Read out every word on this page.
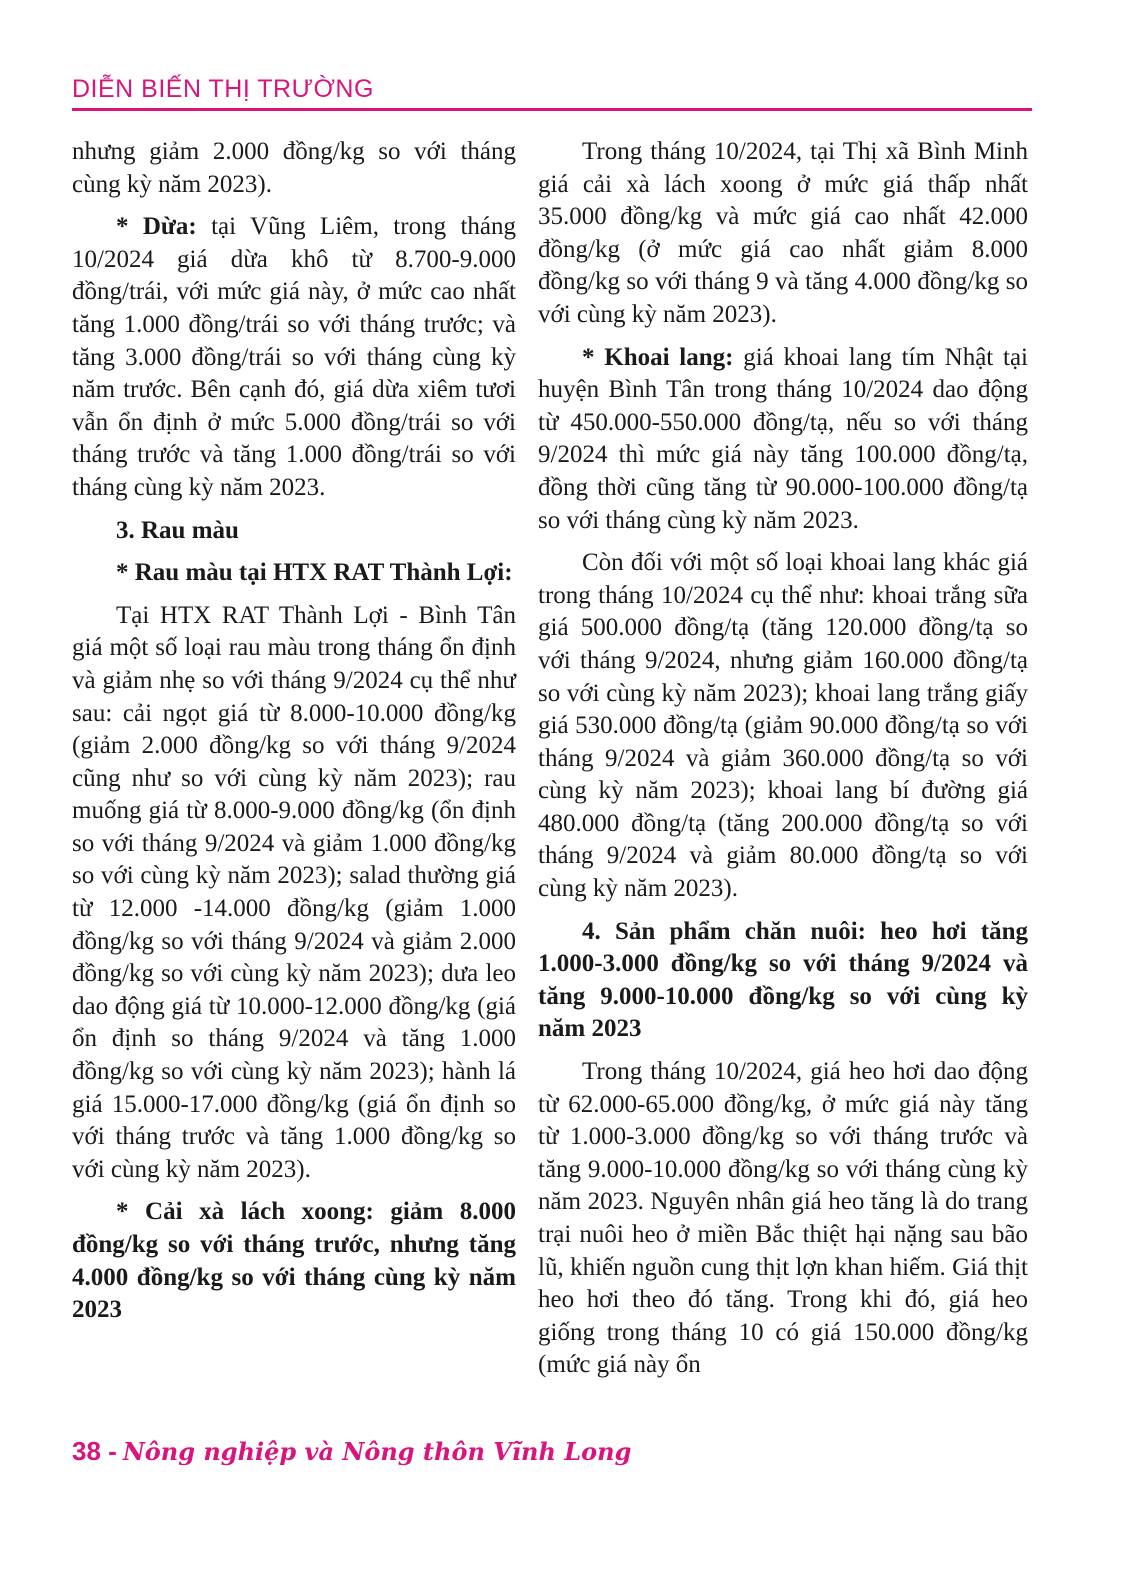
DIỄN BIẾN THỊ TRƯỜNG

nhưng giảm 2.000 đồng/kg so với tháng cùng kỳ năm 2023).

* Dừa: tại Vũng Liêm, trong tháng 10/2024 giá dừa khô từ 8.700-9.000 đồng/trái, với mức giá này, ở mức cao nhất tăng 1.000 đồng/trái so với tháng trước; và tăng 3.000 đồng/trái so với tháng cùng kỳ năm trước. Bên cạnh đó, giá dừa xiêm tươi vẫn ổn định ở mức 5.000 đồng/trái so với tháng trước và tăng 1.000 đồng/trái so với tháng cùng kỳ năm 2023.

3. Rau màu

* Rau màu tại HTX RAT Thành Lợi:

Tại HTX RAT Thành Lợi - Bình Tân giá một số loại rau màu trong tháng ổn định và giảm nhẹ so với tháng 9/2024 cụ thể như sau: cải ngọt giá từ 8.000-10.000 đồng/kg (giảm 2.000 đồng/kg so với tháng 9/2024 cũng như so với cùng kỳ năm 2023); rau muống giá từ 8.000-9.000 đồng/kg (ổn định so với tháng 9/2024 và giảm 1.000 đồng/kg so với cùng kỳ năm 2023); salad thường giá từ 12.000 -14.000 đồng/kg (giảm 1.000 đồng/kg so với tháng 9/2024 và giảm 2.000 đồng/kg so với cùng kỳ năm 2023); dưa leo dao động giá từ 10.000-12.000 đồng/kg (giá ổn định so tháng 9/2024 và tăng 1.000 đồng/kg so với cùng kỳ năm 2023); hành lá giá 15.000-17.000 đồng/kg (giá ổn định so với tháng trước và tăng 1.000 đồng/kg so với cùng kỳ năm 2023).

* Cải xà lách xoong: giảm 8.000 đồng/kg so với tháng trước, nhưng tăng 4.000 đồng/kg so với tháng cùng kỳ năm 2023

Trong tháng 10/2024, tại Thị xã Bình Minh giá cải xà lách xoong ở mức giá thấp nhất 35.000 đồng/kg và mức giá cao nhất 42.000 đồng/kg (ở mức giá cao nhất giảm 8.000 đồng/kg so với tháng 9 và tăng 4.000 đồng/kg so với cùng kỳ năm 2023).

* Khoai lang: giá khoai lang tím Nhật tại huyện Bình Tân trong tháng 10/2024 dao động từ 450.000-550.000 đồng/tạ, nếu so với tháng 9/2024 thì mức giá này tăng 100.000 đồng/tạ, đồng thời cũng tăng từ 90.000-100.000 đồng/tạ so với tháng cùng kỳ năm 2023.

Còn đối với một số loại khoai lang khác giá trong tháng 10/2024 cụ thể như: khoai trắng sữa giá 500.000 đồng/tạ (tăng 120.000 đồng/tạ so với tháng 9/2024, nhưng giảm 160.000 đồng/tạ so với cùng kỳ năm 2023); khoai lang trắng giấy giá 530.000 đồng/tạ (giảm 90.000 đồng/tạ so với tháng 9/2024 và giảm 360.000 đồng/tạ so với cùng kỳ năm 2023); khoai lang bí đường giá 480.000 đồng/tạ (tăng 200.000 đồng/tạ so với tháng 9/2024 và giảm 80.000 đồng/tạ so với cùng kỳ năm 2023).

4. Sản phẩm chăn nuôi: heo hơi tăng 1.000-3.000 đồng/kg so với tháng 9/2024 và tăng 9.000-10.000 đồng/kg so với cùng kỳ năm 2023

Trong tháng 10/2024, giá heo hơi dao động từ 62.000-65.000 đồng/kg, ở mức giá này tăng từ 1.000-3.000 đồng/kg so với tháng trước và tăng 9.000-10.000 đồng/kg so với tháng cùng kỳ năm 2023. Nguyên nhân giá heo tăng là do trang trại nuôi heo ở miền Bắc thiệt hại nặng sau bão lũ, khiến nguồn cung thịt lợn khan hiếm. Giá thịt heo hơi theo đó tăng. Trong khi đó, giá heo giống trong tháng 10 có giá 150.000 đồng/kg (mức giá này ổn

38 - Nông nghiệp và Nông thôn Vĩnh Long
